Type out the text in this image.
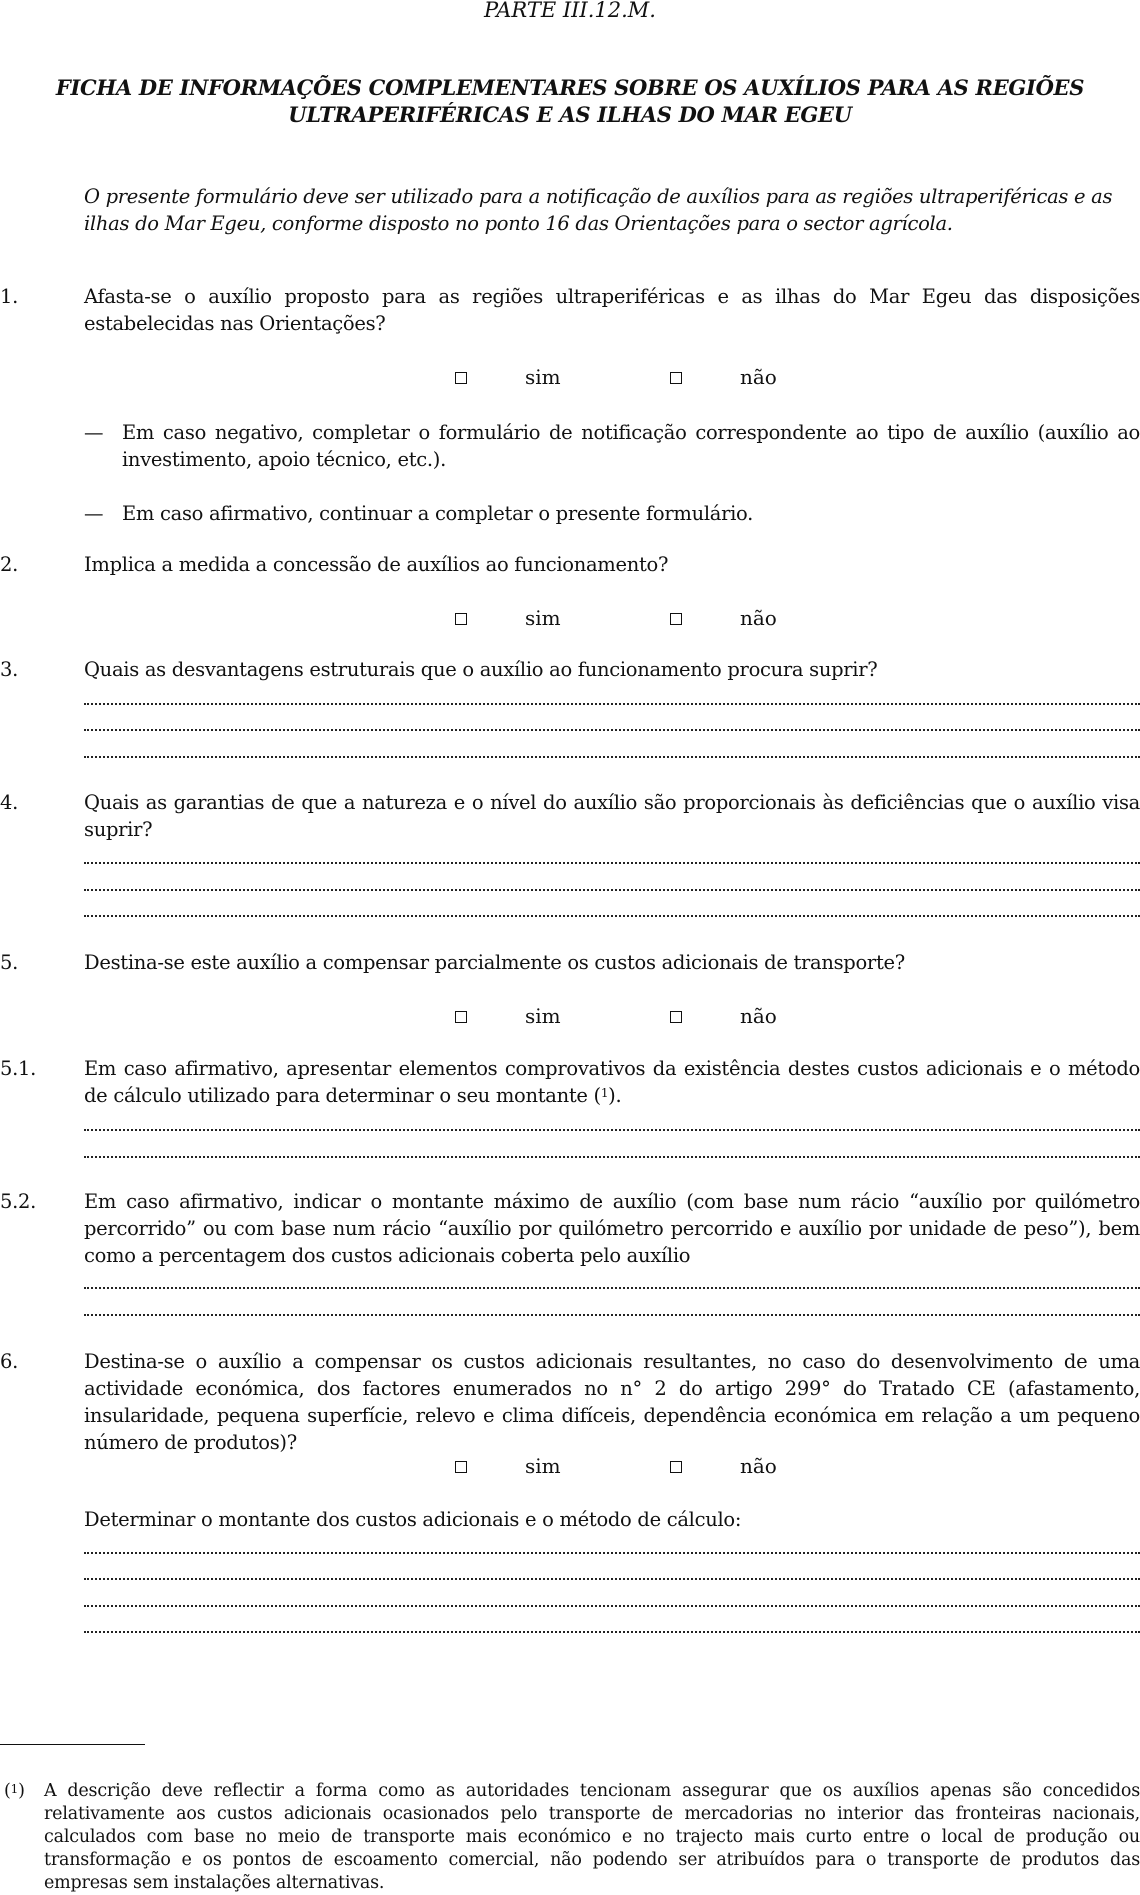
PARTE III.12.M.
FICHA DE INFORMAÇÕES COMPLEMENTARES SOBRE OS AUXÍLIOS PARA AS REGIÕES ULTRAPERIFÉRICAS E AS ILHAS DO MAR EGEU
O presente formulário deve ser utilizado para a notificação de auxílios para as regiões ultraperiféricas e as ilhas do Mar Egeu, conforme disposto no ponto 16 das Orientações para o sector agrícola.
1.	Afasta-se o auxílio proposto para as regiões ultraperiféricas e as ilhas do Mar Egeu das disposições estabelecidas nas Orientações?
sim	não
— Em caso negativo, completar o formulário de notificação correspondente ao tipo de auxílio (auxílio ao investimento, apoio técnico, etc.).
— Em caso afirmativo, continuar a completar o presente formulário.
2.	Implica a medida a concessão de auxílios ao funcionamento?
sim	não
3.	Quais as desvantagens estruturais que o auxílio ao funcionamento procura suprir?
4.	Quais as garantias de que a natureza e o nível do auxílio são proporcionais às deficiências que o auxílio visa suprir?
5.	Destina-se este auxílio a compensar parcialmente os custos adicionais de transporte?
sim	não
5.1. Em caso afirmativo, apresentar elementos comprovativos da existência destes custos adicionais e o método de cálculo utilizado para determinar o seu montante ($^1$).
5.2. Em caso afirmativo, indicar o montante máximo de auxílio (com base num rácio “auxílio por quilómetro percorrido” ou com base num rácio “auxílio por quilómetro percorrido e auxílio por unidade de peso”), bem como a percentagem dos custos adicionais coberta pelo auxílio
6.	Destina-se o auxílio a compensar os custos adicionais resultantes, no caso do desenvolvimento de uma actividade económica, dos factores enumerados no n° 2 do artigo 299° do Tratado CE (afastamento, insularidade, pequena superfície, relevo e clima difíceis, dependência económica em relação a um pequeno número de produtos)?
sim	não
Determinar o montante dos custos adicionais e o método de cálculo:
($^1$) A descrição deve reflectir a forma como as autoridades tencionam assegurar que os auxílios apenas são concedidos relativamente aos custos adicionais ocasionados pelo transporte de mercadorias no interior das fronteiras nacionais, calculados com base no meio de transporte mais económico e no trajecto mais curto entre o local de produção ou transformação e os pontos de escoamento comercial, não podendo ser atribuídos para o transporte de produtos das empresas sem instalações alternativas.
